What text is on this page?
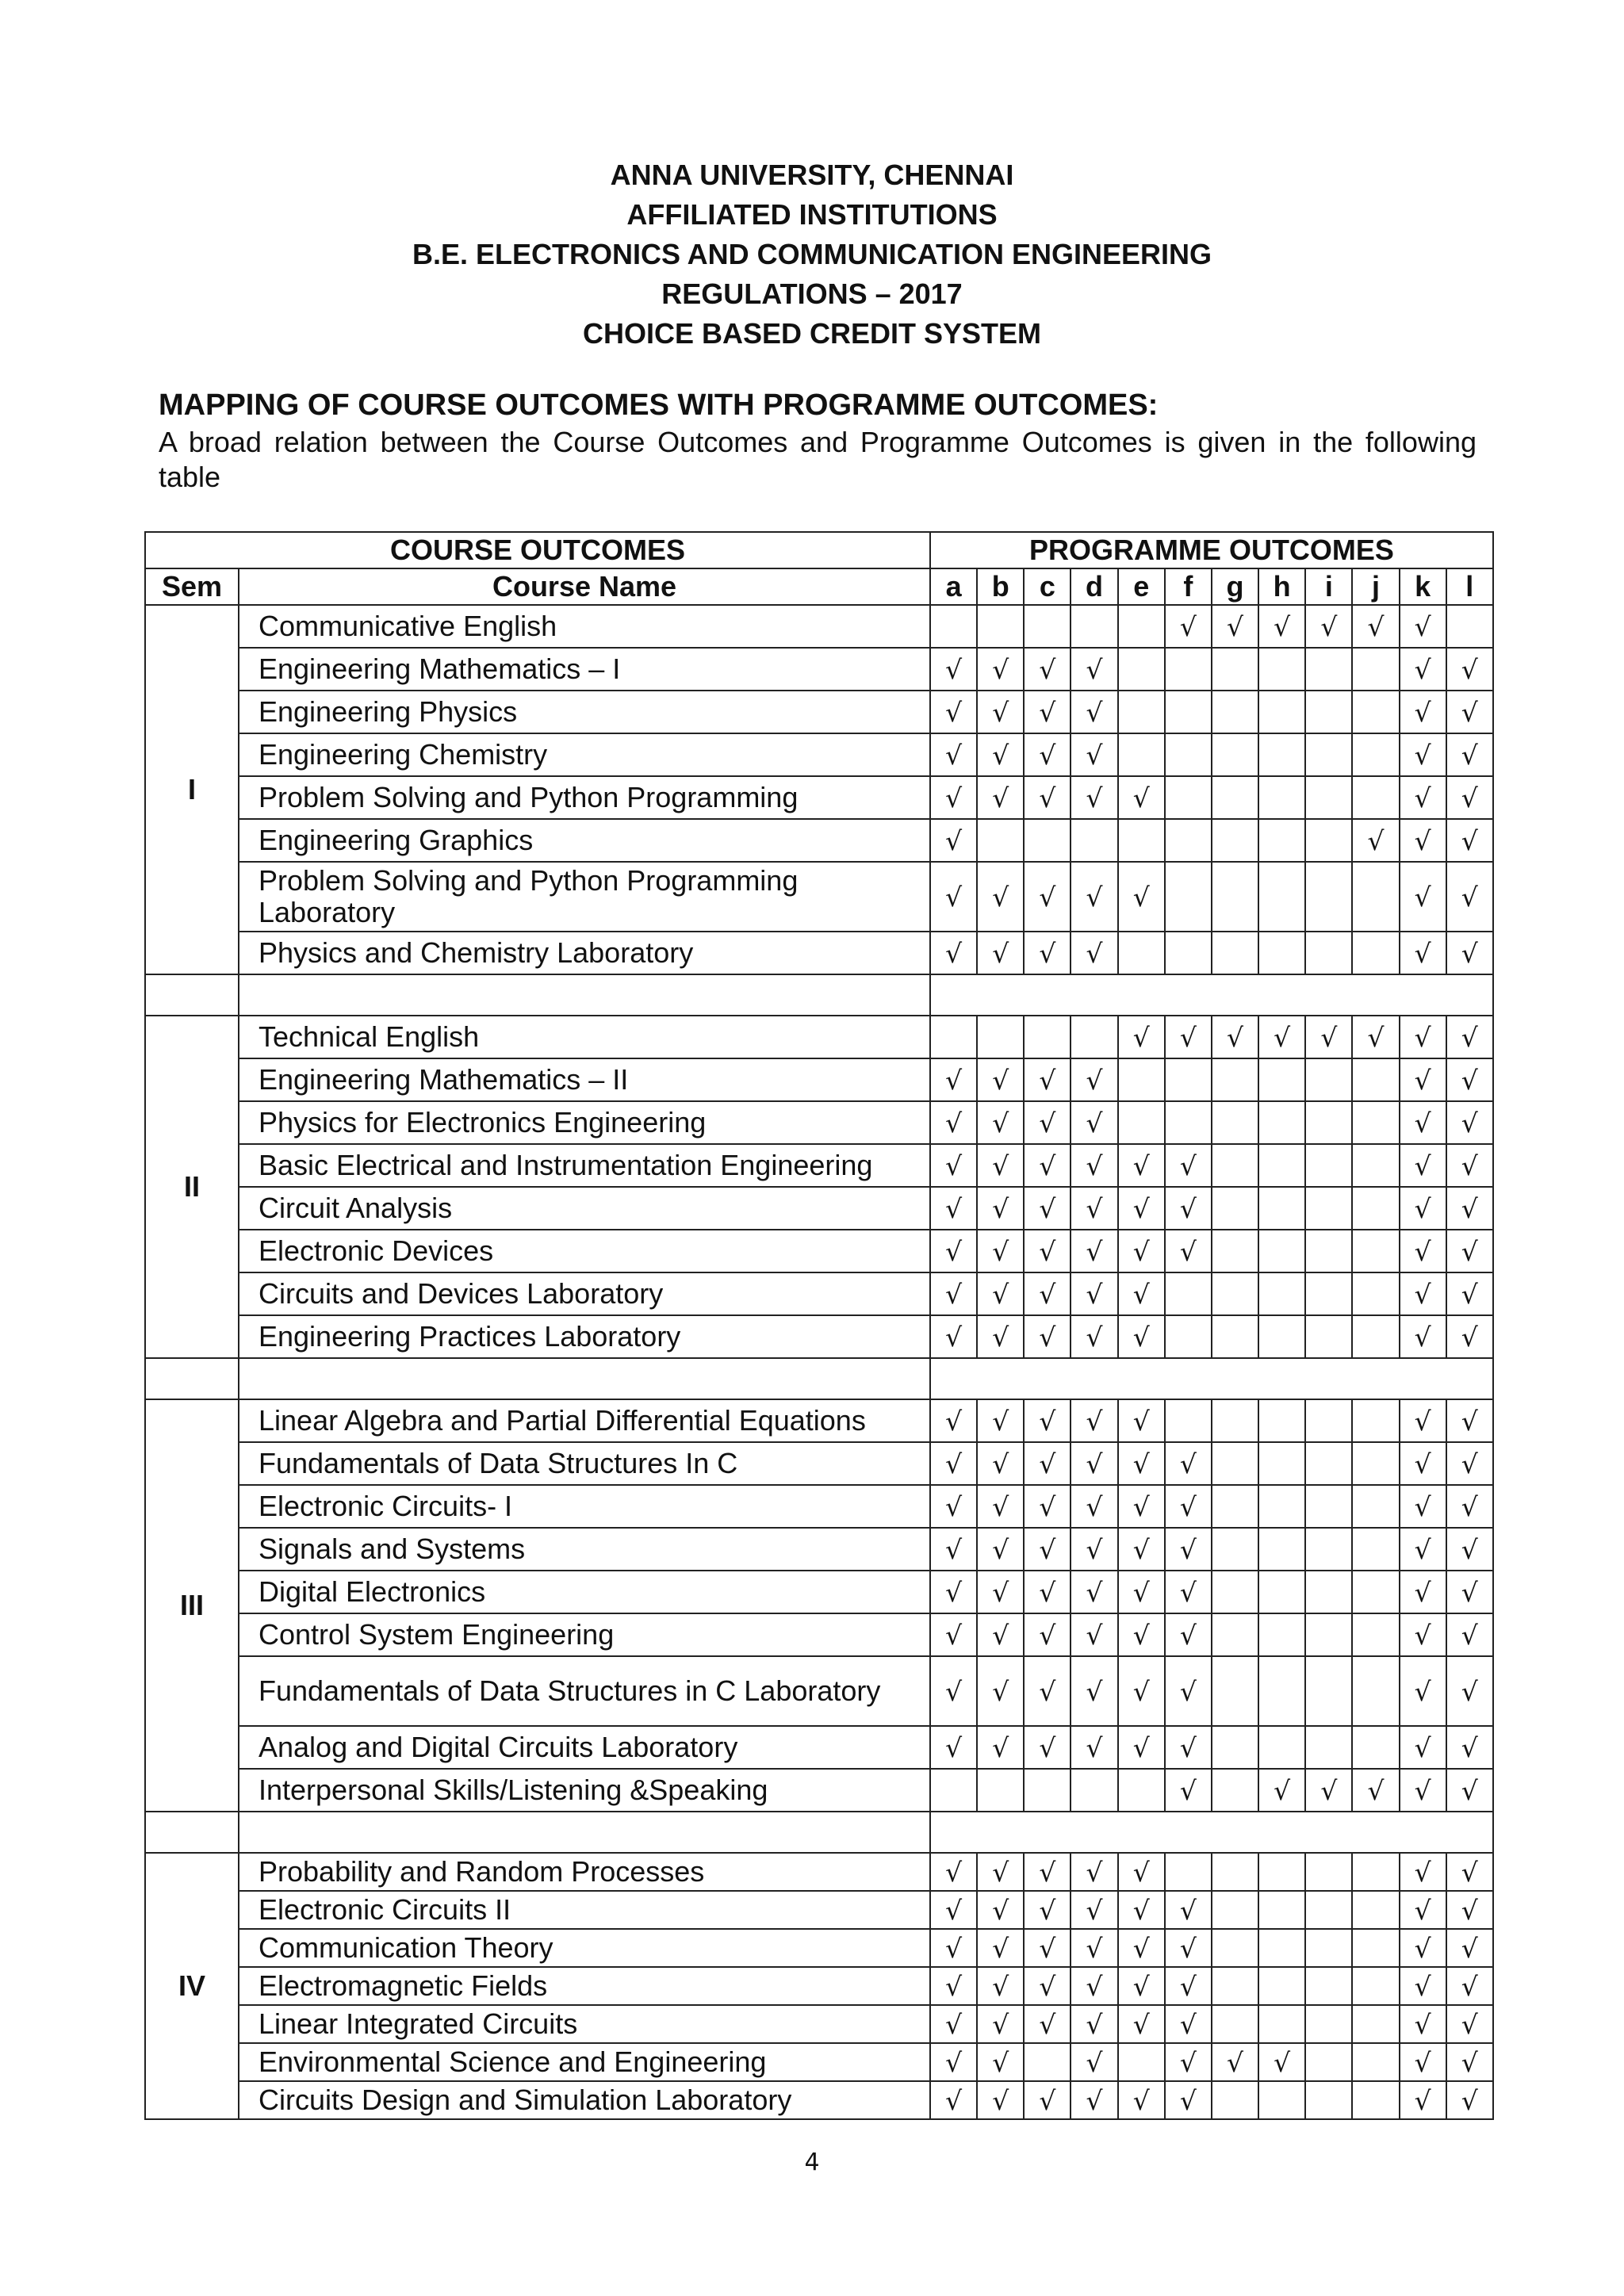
ANNA UNIVERSITY, CHENNAI
AFFILIATED INSTITUTIONS
B.E. ELECTRONICS AND COMMUNICATION ENGINEERING
REGULATIONS – 2017
CHOICE BASED CREDIT SYSTEM
MAPPING OF COURSE OUTCOMES WITH PROGRAMME OUTCOMES:
A broad relation between the Course Outcomes and Programme Outcomes is given in the following table
COURSE OUTCOMES		PROGRAMME OUTCOMES											
Sem	Course Name	a	b	c	d	e	f	g	h	i	j	k	l
I	Communicative English						√	√	√	√	√	√	
	Engineering Mathematics – I	√	√	√	√							√	√
	Engineering Physics	√	√	√	√							√	√
	Engineering Chemistry	√	√	√	√							√	√
	Problem Solving and Python Programming	√	√	√	√	√						√	√
	Engineering Graphics	√									√	√	√
	Problem Solving and Python Programming Laboratory	√	√	√	√	√						√	√
	Physics and Chemistry Laboratory	√	√	√	√							√	√

II	Technical English					√	√	√	√	√	√	√	√
	Engineering Mathematics – II	√	√	√	√							√	√
	Physics for Electronics Engineering	√	√	√	√							√	√
	Basic Electrical and Instrumentation Engineering	√	√	√	√	√	√					√	√
	Circuit Analysis	√	√	√	√	√	√					√	√
	Electronic Devices	√	√	√	√	√	√					√	√
	Circuits and Devices Laboratory	√	√	√	√	√						√	√
	Engineering Practices Laboratory	√	√	√	√	√						√	√

III	Linear Algebra and Partial Differential Equations	√	√	√	√	√						√	√
	Fundamentals of Data Structures In C	√	√	√	√	√	√					√	√
	Electronic Circuits- I	√	√	√	√	√	√					√	√
	Signals and Systems	√	√	√	√	√	√					√	√
	Digital Electronics	√	√	√	√	√	√					√	√
	Control System Engineering	√	√	√	√	√	√					√	√
	Fundamentals of Data Structures in C Laboratory	√	√	√	√	√	√					√	√
	Analog and Digital Circuits Laboratory	√	√	√	√	√	√					√	√
	Interpersonal Skills/Listening &Speaking						√		√	√	√	√	√

IV	Probability and Random Processes	√	√	√	√	√						√	√
	Electronic Circuits II	√	√	√	√	√	√					√	√
	Communication Theory	√	√	√	√	√	√					√	√
	Electromagnetic Fields	√	√	√	√	√	√					√	√
	Linear Integrated Circuits	√	√	√	√	√	√					√	√
	Environmental Science and Engineering	√	√		√		√	√	√			√	√
	Circuits Design and Simulation Laboratory	√	√	√	√	√	√					√	√
4
